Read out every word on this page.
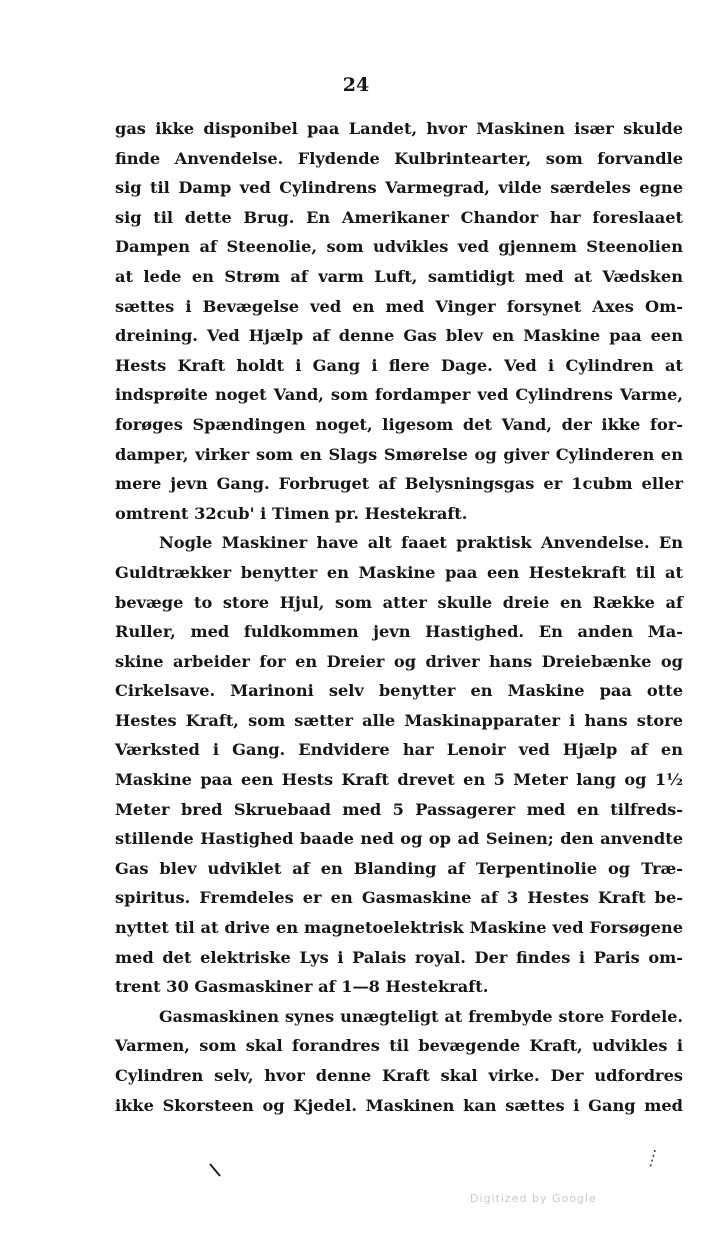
24
gas ikke disponibel paa Landet, hvor Maskinen især skulde
finde Anvendelse. Flydende Kulbrintearter, som forvandle
sig til Damp ved Cylindrens Varmegrad, vilde særdeles egne
sig til dette Brug. En Amerikaner Chandor har foreslaaet
Dampen af Steenolie, som udvikles ved gjennem Steenolien
at lede en Strøm af varm Luft, samtidigt med at Vædsken
sættes i Bevægelse ved en med Vinger forsynet Axes Om-
dreining. Ved Hjælp af denne Gas blev en Maskine paa een
Hests Kraft holdt i Gang i flere Dage. Ved i Cylindren at
indsprøite noget Vand, som fordamper ved Cylindrens Varme,
forøges Spændingen noget, ligesom det Vand, der ikke for-
damper, virker som en Slags Smørelse og giver Cylinderen en
mere jevn Gang. Forbruget af Belysningsgas er 1cubm eller
omtrent 32cub' i Timen pr. Hestekraft.
Nogle Maskiner have alt faaet praktisk Anvendelse. En
Guldtrækker benytter en Maskine paa een Hestekraft til at
bevæge to store Hjul, som atter skulle dreie en Række af
Ruller, med fuldkommen jevn Hastighed. En anden Ma-
skine arbeider for en Dreier og driver hans Dreiebænke og
Cirkelsave. Marinoni selv benytter en Maskine paa otte
Hestes Kraft, som sætter alle Maskinapparater i hans store
Værksted i Gang. Endvidere har Lenoir ved Hjælp af en
Maskine paa een Hests Kraft drevet en 5 Meter lang og 1½
Meter bred Skruebaad med 5 Passagerer med en tilfreds-
stillende Hastighed baade ned og op ad Seinen; den anvendte
Gas blev udviklet af en Blanding af Terpentinolie og Træ-
spiritus. Fremdeles er en Gasmaskine af 3 Hestes Kraft be-
nyttet til at drive en magnetoelektrisk Maskine ved Forsøgene
med det elektriske Lys i Palais royal. Der findes i Paris om-
trent 30 Gasmaskiner af 1—8 Hestekraft.
Gasmaskinen synes unægteligt at frembyde store Fordele.
Varmen, som skal forandres til bevægende Kraft, udvikles i
Cylindren selv, hvor denne Kraft skal virke. Der udfordres
ikke Skorsteen og Kjedel. Maskinen kan sættes i Gang med
Digitized by Google
